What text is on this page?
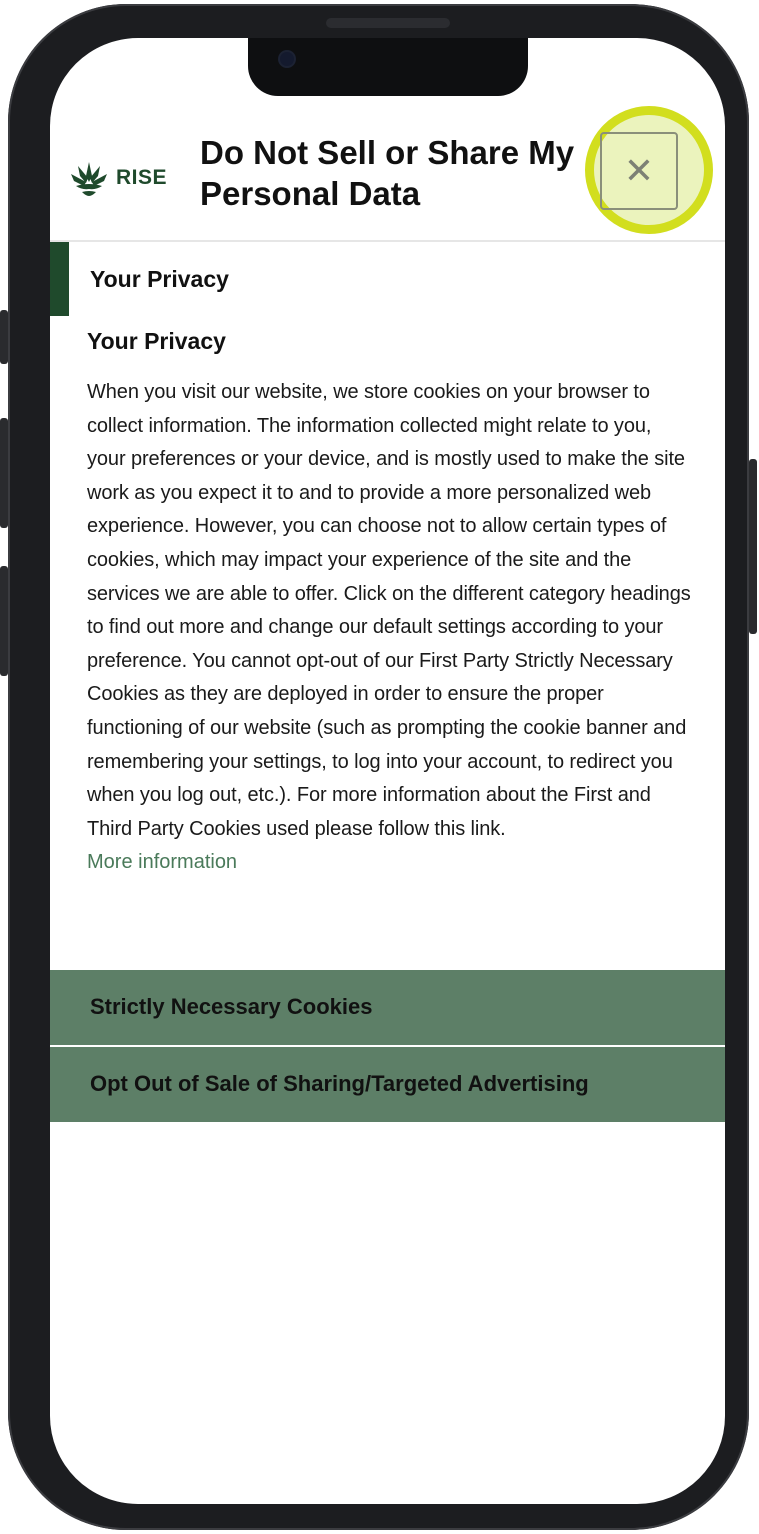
RISE
Do Not Sell or Share My Personal Data
✕
Your Privacy
Your Privacy

When you visit our website, we store cookies on your browser to collect information. The information collected might relate to you, your preferences or your device, and is mostly used to make the site work as you expect it to and to provide a more personalized web experience. However, you can choose not to allow certain types of cookies, which may impact your experience of the site and the services we are able to offer. Click on the different category headings to find out more and change our default settings according to your preference. You cannot opt-out of our First Party Strictly Necessary Cookies as they are deployed in order to ensure the proper functioning of our website (such as prompting the cookie banner and remembering your settings, to log into your account, to redirect you when you log out, etc.). For more information about the First and Third Party Cookies used please follow this link.

More information
Strictly Necessary Cookies
Opt Out of Sale of Sharing/Targeted Advertising
